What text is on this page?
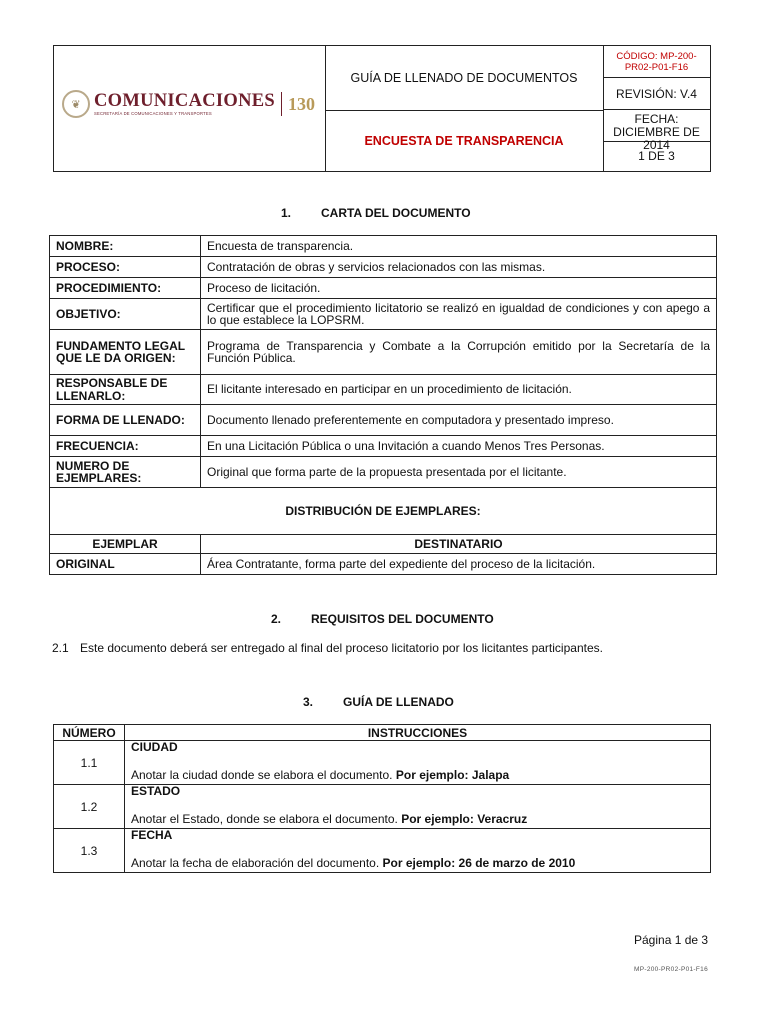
❦ COMUNICACIONES
SECRETARÍA DE COMUNICACIONES Y TRANSPORTES	130
GUÍA DE LLENADO DE DOCUMENTOS
ENCUESTA DE TRANSPARENCIA
CÓDIGO: MP-200-PR02-P01-F16
REVISIÓN: V.4
FECHA: DICIEMBRE DE 2014
1 DE 3
1. CARTA DEL DOCUMENTO
NOMBRE:	Encuesta de transparencia.
PROCESO:	Contratación de obras y servicios relacionados con las mismas.
PROCEDIMIENTO:	Proceso de licitación.
OBJETIVO:	Certificar que el procedimiento licitatorio se realizó en igualdad de condiciones y con apego a lo que establece la LOPSRM.
FUNDAMENTO LEGAL QUE LE DA ORIGEN:	Programa de Transparencia y Combate a la Corrupción emitido por la Secretaría de la Función Pública.
RESPONSABLE DE LLENARLO:	El licitante interesado en participar en un procedimiento de licitación.
FORMA DE LLENADO:	Documento llenado preferentemente en computadora y presentado impreso.
FRECUENCIA:	En una Licitación Pública o una Invitación a cuando Menos Tres Personas.
NUMERO DE EJEMPLARES:	Original que forma parte de la propuesta presentada por el licitante.
DISTRIBUCIÓN DE EJEMPLARES:	
EJEMPLAR	DESTINATARIO
ORIGINAL	Área Contratante, forma parte del expediente del proceso de la licitación.
2. REQUISITOS DEL DOCUMENTO
2.1 Este documento deberá ser entregado al final del proceso licitatorio por los licitantes participantes.
3. GUÍA DE LLENADO
NÚMERO	INSTRUCCIONES
1.1	CIUDAD
Anotar la ciudad donde se elabora el documento. Por ejemplo: Jalapa

1.2	ESTADO
Anotar el Estado, donde se elabora el documento. Por ejemplo: Veracruz

1.3	FECHA
Anotar la fecha de elaboración del documento. Por ejemplo: 26 de marzo de 2010
Página 1 de 3
MP-200-PR02-P01-F16
